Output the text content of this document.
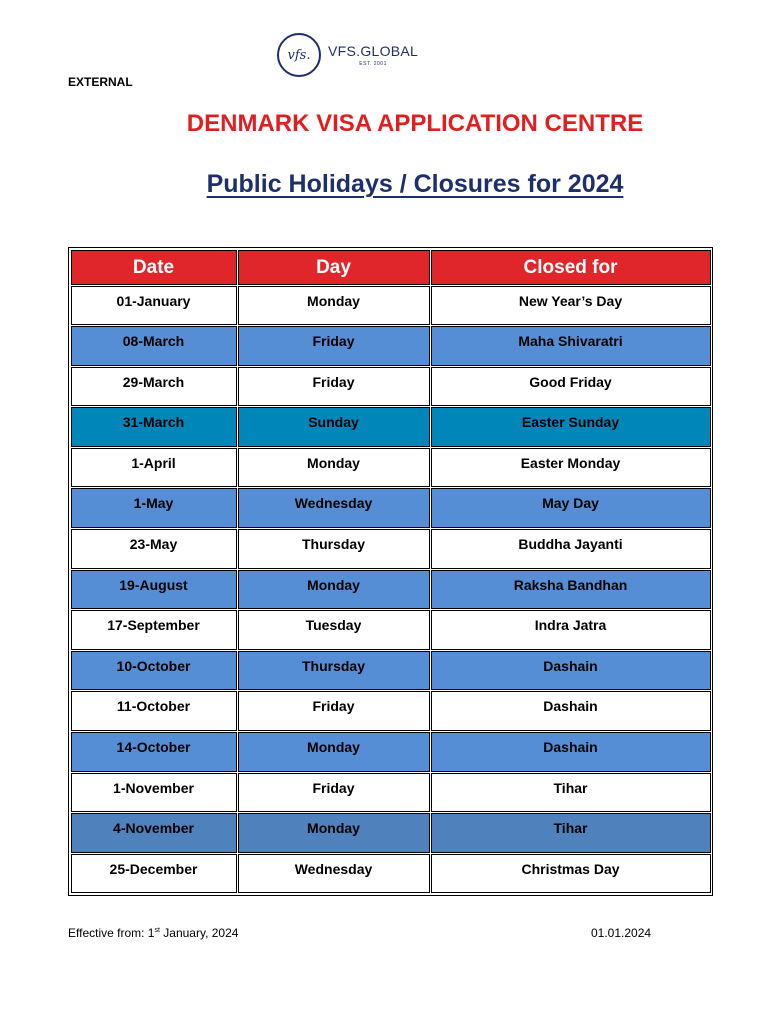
vfs.	VFS.GLOBAL
EST. 2001
EXTERNAL
DENMARK VISA APPLICATION CENTRE
Public Holidays / Closures for 2024
Date	Day	Closed for
01-January	Monday	New Year’s Day
08-March	Friday	Maha Shivaratri
29-March	Friday	Good Friday
31-March	Sunday	Easter Sunday
1-April	Monday	Easter Monday
1-May	Wednesday	May Day
23-May	Thursday	Buddha Jayanti
19-August	Monday	Raksha Bandhan
17-September	Tuesday	Indra Jatra
10-October	Thursday	Dashain
11-October	Friday	Dashain
14-October	Monday	Dashain
1-November	Friday	Tihar
4-November	Monday	Tihar
25-December	Wednesday	Christmas Day
Effective from: 1st January, 2024	01.01.2024
